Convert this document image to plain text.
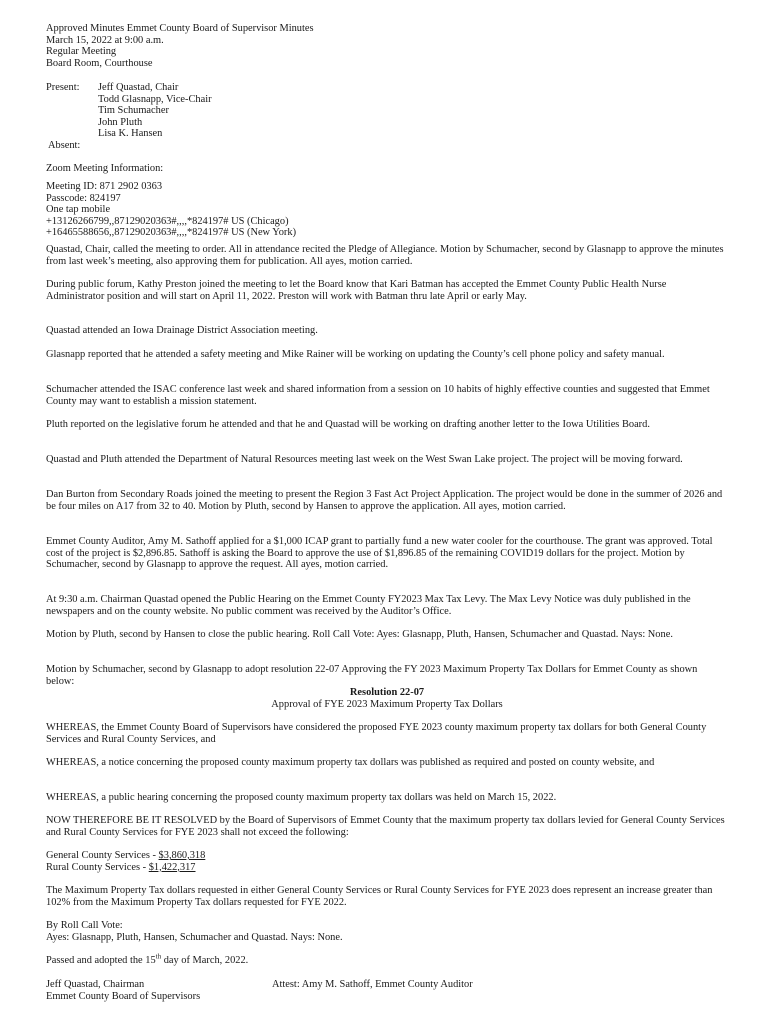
Approved Minutes Emmet County Board of Supervisor Minutes
March 15, 2022 at 9:00 a.m.
Regular Meeting
Board Room, Courthouse
Present:	Jeff Quastad, Chair
Todd Glasnapp, Vice-Chair
Tim Schumacher
John Pluth
Lisa K. Hansen
Absent:
Zoom Meeting Information:
Meeting ID: 871 2902 0363
Passcode: 824197
One tap mobile
+13126266799,,87129020363#,,,,*824197# US (Chicago)
+16465588656,,87129020363#,,,,*824197# US (New York)

Quastad, Chair, called the meeting to order. All in attendance recited the Pledge of Allegiance. Motion by Schumacher, second by Glasnapp to approve the minutes from last week’s meeting, also approving them for publication. All ayes, motion carried.

During public forum, Kathy Preston joined the meeting to let the Board know that Kari Batman has accepted the Emmet County Public Health Nurse Administrator position and will start on April 11, 2022. Preston will work with Batman thru late April or early May.

Quastad attended an Iowa Drainage District Association meeting.

Glasnapp reported that he attended a safety meeting and Mike Rainer will be working on updating the County’s cell phone policy and safety manual.

Schumacher attended the ISAC conference last week and shared information from a session on 10 habits of highly effective counties and suggested that Emmet County may want to establish a mission statement.

Pluth reported on the legislative forum he attended and that he and Quastad will be working on drafting another letter to the Iowa Utilities Board.

Quastad and Pluth attended the Department of Natural Resources meeting last week on the West Swan Lake project. The project will be moving forward.

Dan Burton from Secondary Roads joined the meeting to present the Region 3 Fast Act Project Application. The project would be done in the summer of 2026 and be four miles on A17 from 32 to 40. Motion by Pluth, second by Hansen to approve the application. All ayes, motion carried.

Emmet County Auditor, Amy M. Sathoff applied for a $1,000 ICAP grant to partially fund a new water cooler for the courthouse. The grant was approved. Total cost of the project is $2,896.85. Sathoff is asking the Board to approve the use of $1,896.85 of the remaining COVID19 dollars for the project. Motion by Schumacher, second by Glasnapp to approve the request. All ayes, motion carried.

At 9:30 a.m. Chairman Quastad opened the Public Hearing on the Emmet County FY2023 Max Tax Levy. The Max Levy Notice was duly published in the newspapers and on the county website. No public comment was received by the Auditor’s Office.

Motion by Pluth, second by Hansen to close the public hearing. Roll Call Vote: Ayes: Glasnapp, Pluth, Hansen, Schumacher and Quastad. Nays: None.

Motion by Schumacher, second by Glasnapp to adopt resolution 22-07 Approving the FY 2023 Maximum Property Tax Dollars for Emmet County as shown below:

Resolution 22-07
Approval of FYE 2023 Maximum Property Tax Dollars

WHEREAS, the Emmet County Board of Supervisors have considered the proposed FYE 2023 county maximum property tax dollars for both General County Services and Rural County Services, and

WHEREAS, a notice concerning the proposed county maximum property tax dollars was published as required and posted on county website, and

WHEREAS, a public hearing concerning the proposed county maximum property tax dollars was held on March 15, 2022.

NOW THEREFORE BE IT RESOLVED by the Board of Supervisors of Emmet County that the maximum property tax dollars levied for General County Services and Rural County Services for FYE 2023 shall not exceed the following:

General County Services - $3,860,318
Rural County Services - $1,422,317

The Maximum Property Tax dollars requested in either General County Services or Rural County Services for FYE 2023 does represent an increase greater than 102% from the Maximum Property Tax dollars requested for FYE 2022.

By Roll Call Vote:
Ayes: Glasnapp, Pluth, Hansen, Schumacher and Quastad. Nays: None.
Passed and adopted the 15th day of March, 2022.
Jeff Quastad, Chairman
Emmet County Board of Supervisors
Attest: Amy M. Sathoff, Emmet County Auditor
